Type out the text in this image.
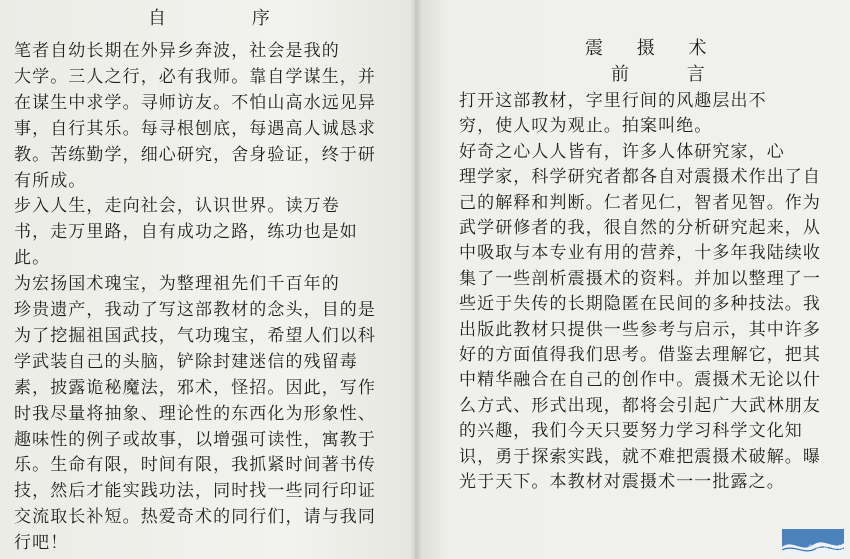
自 序
笔者自幼长期在外异乡奔波，社会是我的
大学。三人之行，必有我师。靠自学谋生，并
在谋生中求学。寻师访友。不怕山高水远见异
事，自行其乐。每寻根刨底，每遇高人诚恳求
教。苦练勤学，细心研究，舍身验证，终于研
有所成。
步入人生，走向社会，认识世界。读万卷
书，走万里路，自有成功之路，练功也是如
此。
为宏扬国术瑰宝，为整理祖先们千百年的
珍贵遗产，我动了写这部教材的念头，目的是
为了挖掘祖国武技，气功瑰宝，希望人们以科
学武装自己的头脑，铲除封建迷信的残留毒
素，披露诡秘魔法，邪术，怪招。因此，写作
时我尽量将抽象、理论性的东西化为形象性、
趣味性的例子或故事，以增强可读性，寓教于
乐。生命有限，时间有限，我抓紧时间著书传
技，然后才能实践功法，同时找一些同行印证
交流取长补短。热爱奇术的同行们，请与我同
行吧！
震 摄 术
前 言
打开这部教材，字里行间的风趣层出不
穷，使人叹为观止。拍案叫绝。
好奇之心人人皆有，许多人体研究家，心
理学家，科学研究者都各自对震摄术作出了自
己的解释和判断。仁者见仁，智者见智。作为
武学研修者的我，很自然的分析研究起来，从
中吸取与本专业有用的营养，十多年我陆续收
集了一些剖析震摄术的资料。并加以整理了一
些近于失传的长期隐匿在民间的多种技法。我
出版此教材只提供一些参考与启示，其中许多
好的方面值得我们思考。借鉴去理解它，把其
中精华融合在自己的创作中。震摄术无论以什
么方式、形式出现，都将会引起广大武林朋友
的兴趣，我们今天只要努力学习科学文化知
识，勇于探索实践，就不难把震摄术破解。曝
光于天下。本教材对震摄术一一批露之。
佛 法 在 人 间
